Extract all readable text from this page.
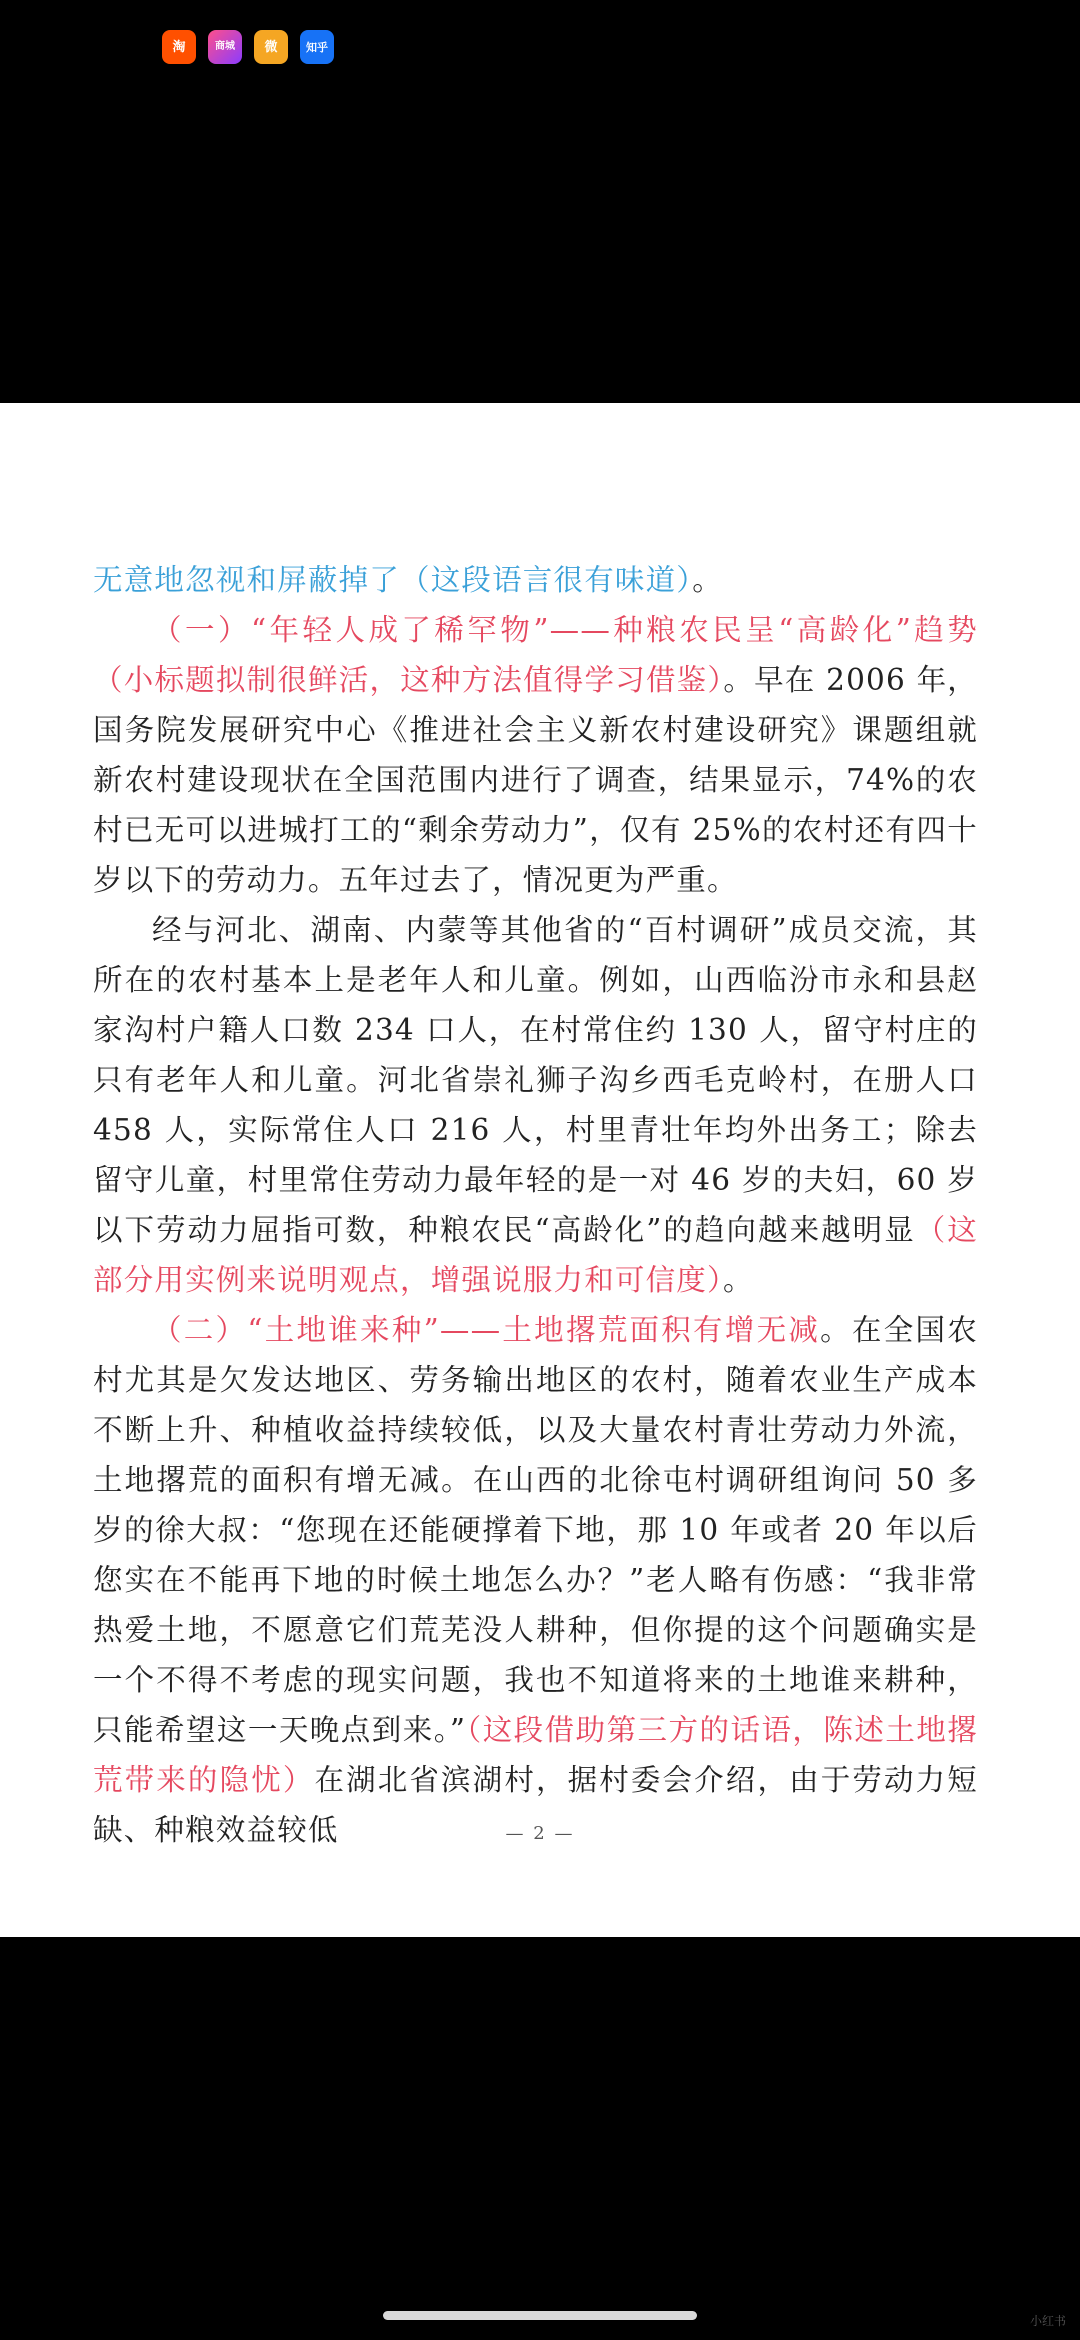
淘	商城	微	知乎

无意地忽视和屏蔽掉了（这段语言很有味道）。

（一）“年轻人成了稀罕物”——种粮农民呈“高龄化”趋势（小标题拟制很鲜活，这种方法值得学习借鉴）。早在 2006 年，国务院发展研究中心《推进社会主义新农村建设研究》课题组就新农村建设现状在全国范围内进行了调查，结果显示，74%的农村已无可以进城打工的“剩余劳动力”，仅有 25%的农村还有四十岁以下的劳动力。五年过去了，情况更为严重。

经与河北、湖南、内蒙等其他省的“百村调研”成员交流，其所在的农村基本上是老年人和儿童。例如，山西临汾市永和县赵家沟村户籍人口数 234 口人，在村常住约 130 人，留守村庄的只有老年人和儿童。河北省崇礼狮子沟乡西毛克岭村，在册人口 458 人，实际常住人口 216 人，村里青壮年均外出务工；除去留守儿童，村里常住劳动力最年轻的是一对 46 岁的夫妇，60 岁以下劳动力屈指可数，种粮农民“高龄化”的趋向越来越明显（这部分用实例来说明观点，增强说服力和可信度）。

（二）“土地谁来种”——土地撂荒面积有增无减。在全国农村尤其是欠发达地区、劳务输出地区的农村，随着农业生产成本不断上升、种植收益持续较低，以及大量农村青壮劳动力外流，土地撂荒的面积有增无减。在山西的北徐屯村调研组询问 50 多岁的徐大叔：“您现在还能硬撑着下地，那 10 年或者 20 年以后您实在不能再下地的时候土地怎么办？”老人略有伤感：“我非常热爱土地，不愿意它们荒芜没人耕种，但你提的这个问题确实是一个不得不考虑的现实问题，我也不知道将来的土地谁来耕种，只能希望这一天晚点到来。”（这段借助第三方的话语，陈述土地撂荒带来的隐忧）在湖北省滨湖村，据村委会介绍，由于劳动力短缺、种粮效益较低	— 2 —
小红书
